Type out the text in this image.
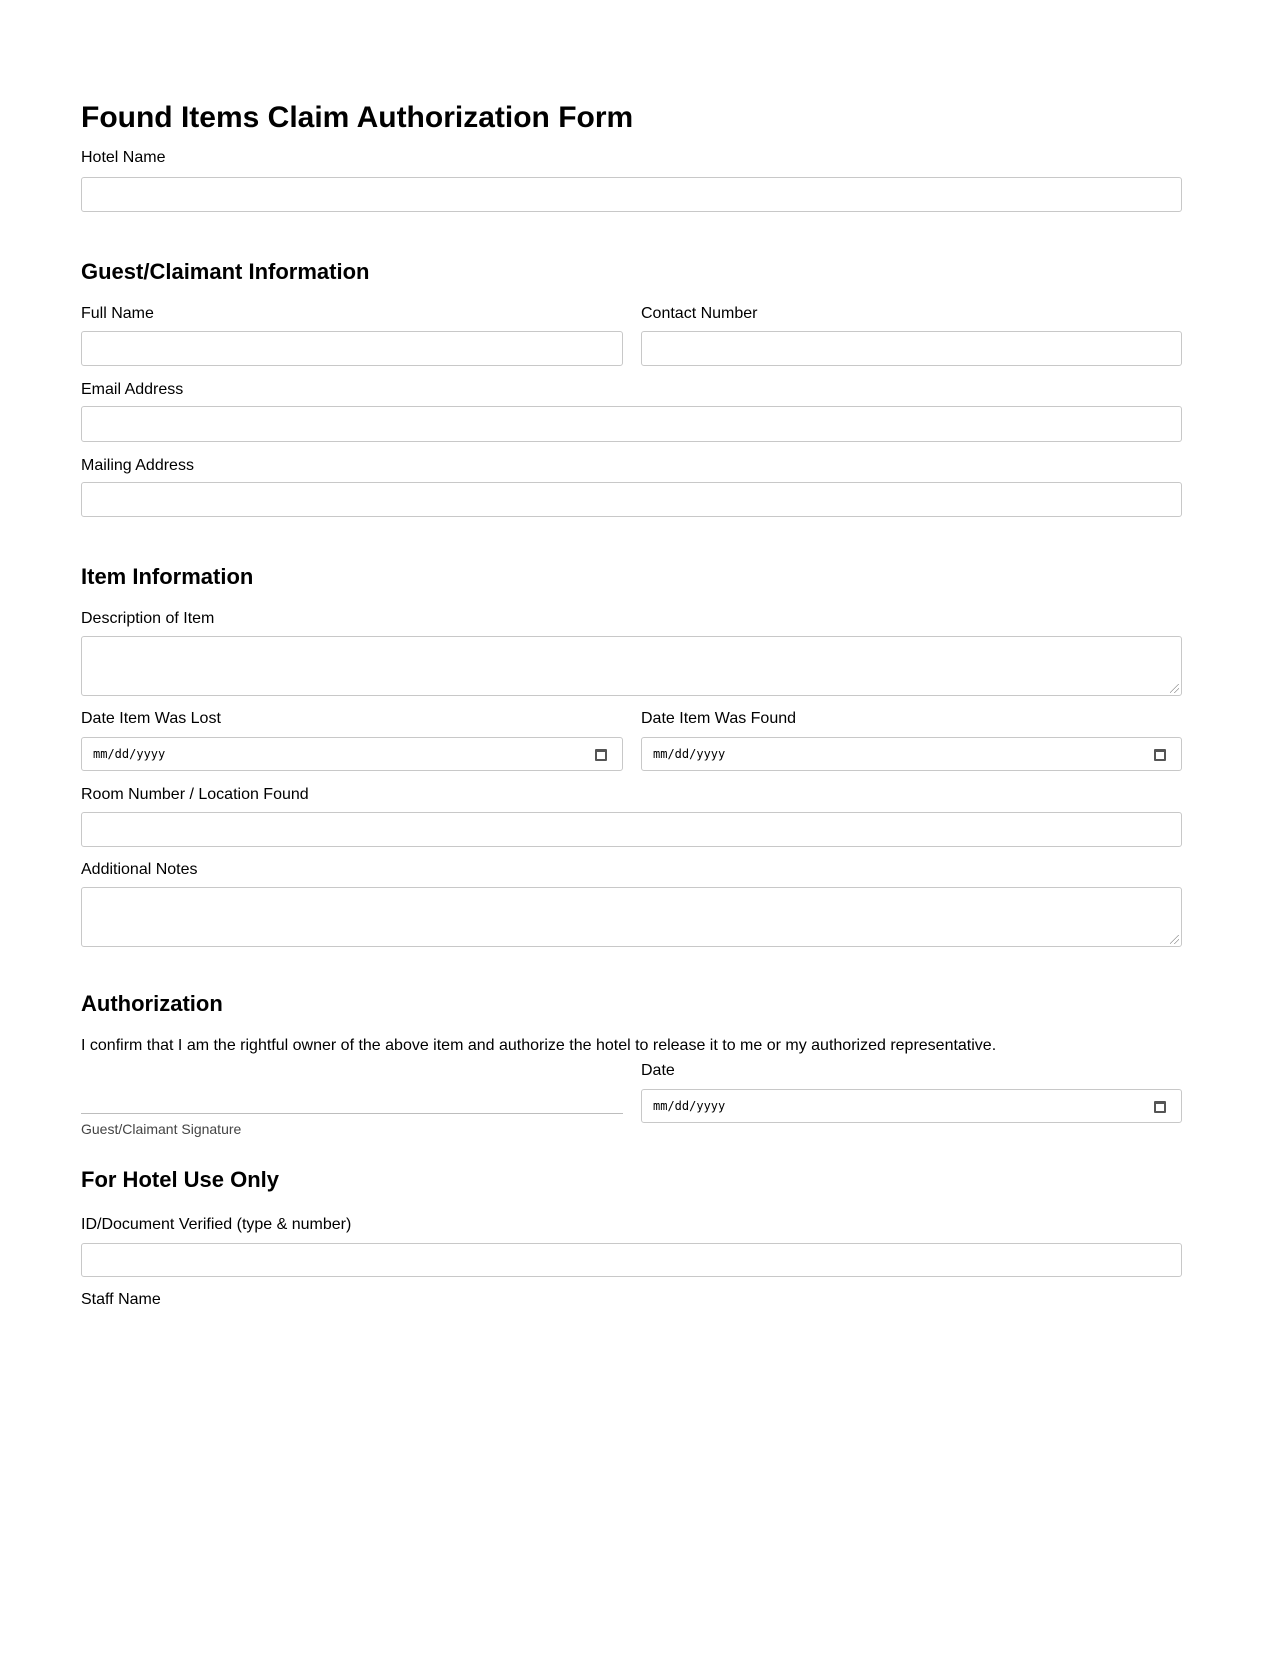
Found Items Claim Authorization Form
Hotel Name
Guest/Claimant Information
Full Name	Contact Number
Email Address
Mailing Address
Item Information
Description of Item
Date Item Was Lost
mm/dd/yyyy
Date Item Was Found
mm/dd/yyyy
Room Number / Location Found
Additional Notes
Authorization
I confirm that I am the rightful owner of the above item and authorize the hotel to release it to me or my authorized representative.
Guest/Claimant Signature
Date
mm/dd/yyyy
For Hotel Use Only
ID/Document Verified (type & number)
Staff Name
